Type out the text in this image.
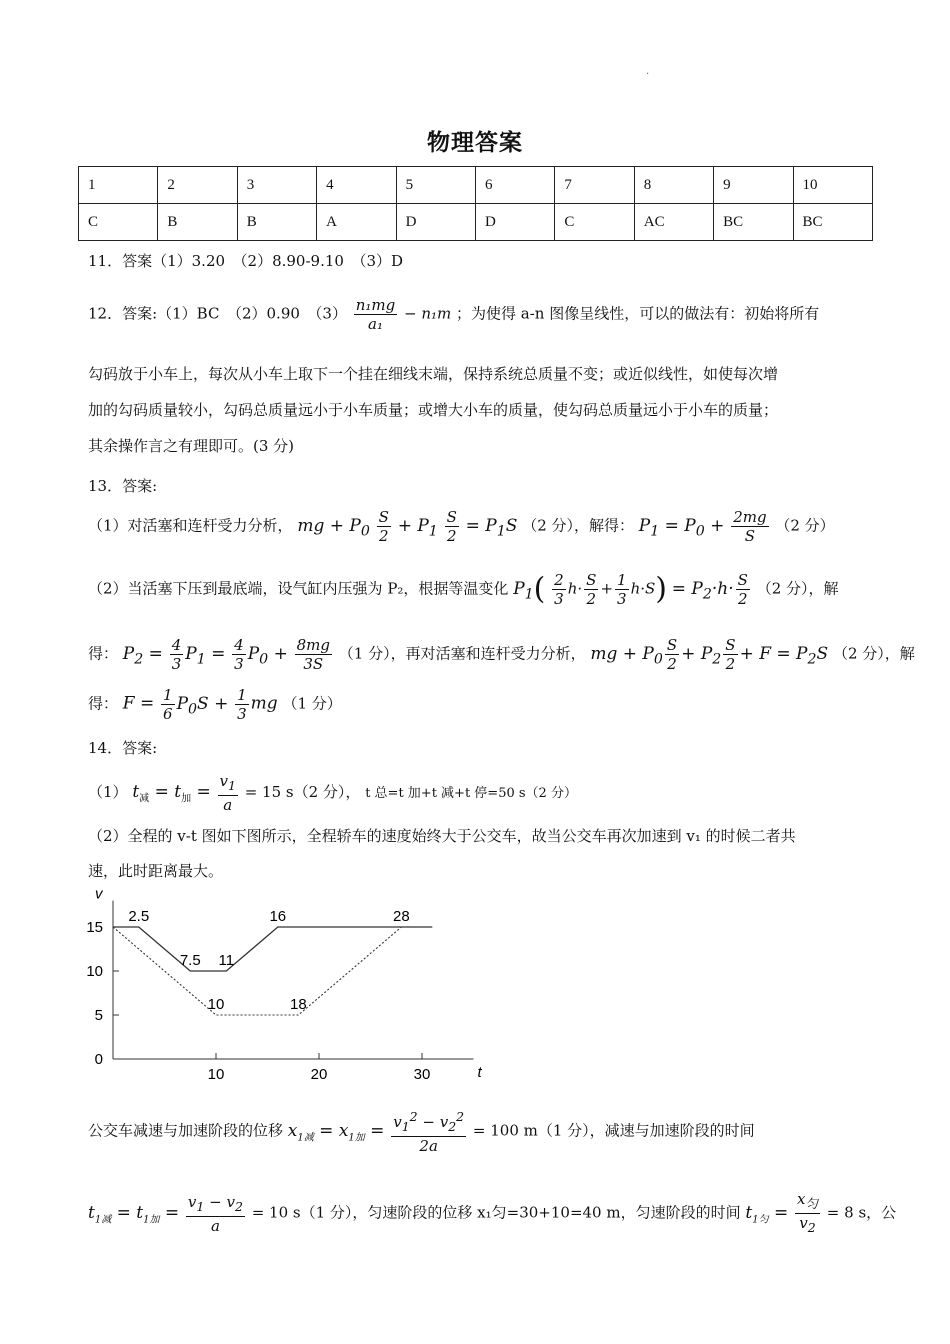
.
物理答案
1	2	3	4	5	6	7	8	9	10
C	B	B	A	D	D	C	AC	BC	BC
11．答案（1）3.20　（2）8.90-9.10　（3）D
12．答案:（1）BC　（2）0.90　$(3) \frac{\text{n₁mg}}{\text{a₁}} - n_1m$ ；为使得 a-n 图像呈线性，可以的做法有：初始将所有
勾码放于小车上，每次从小车上取下一个挂在细线末端，保持系统总质量不变；或近似线性，如使每次增
加的勾码质量较小，勾码总质量远小于小车质量；或增大小车的质量，使勾码总质量远小于小车的质量；
其余操作言之有理即可。(3 分)
13．答案:
（1）对活塞和连杆受力分析， mg + $P_0 \frac{S}{2} + P_1 \frac{S}{2} = P_1S$ （2 分），解得： $P_1 = P_0 + \frac{2mg}{S} (2$ 分）
（2）当活塞下压到最底端，设气缸内压强为 P₂，根据等温变化 $P_1( \frac{2}{3} h\cdot \frac{S}{2} + \frac{1}{3} h\cdot S) = P_2\cdot h\cdot \frac{S}{2} (2$ 分），解
得： $P_2 = \frac{4}{3} P_1 = \frac{4}{3} P_0 + \frac{8mg}{3S} (1$ 分），再对活塞和连杆受力分析， mg + $P_0 \frac{S}{2} + P_2 \frac{S}{2} + F = P_2S$ （2 分），解
得： $F = \frac{1}{6} P_0S + \frac{1}{3}$ mg （1 分）
14．答案:
（1） $t_减 = t_加 = \frac{v_1}{a} = 15$ s（2 分）， t 总=t 加+t 减+t 停=50 s（2 分）
（2）全程的 v-t 图如下图所示，全程轿车的速度始终大于公交车，故当公交车再次加速到 v₁ 的时候二者共
速，此时距离最大。
t
v
10	20	30
0
5
10
15
2.5
7.5 11
16	28
10	18
公交车减速与加速阶段的位移 $x_{1减} = x_{1加} = \frac{v_1^2 - v_2^2}{2a} = 100$ m（1 分），减速与加速阶段的时间
$t_{1减} = t_{1加} = \frac{v_1 - v_2}{a} = 10$ s（1 分），匀速阶段的位移 x₁匀=30+10=40 m，匀速阶段的时间 $t_{1匀} = \frac{x_匀}{v_2} = 8$ s，公
